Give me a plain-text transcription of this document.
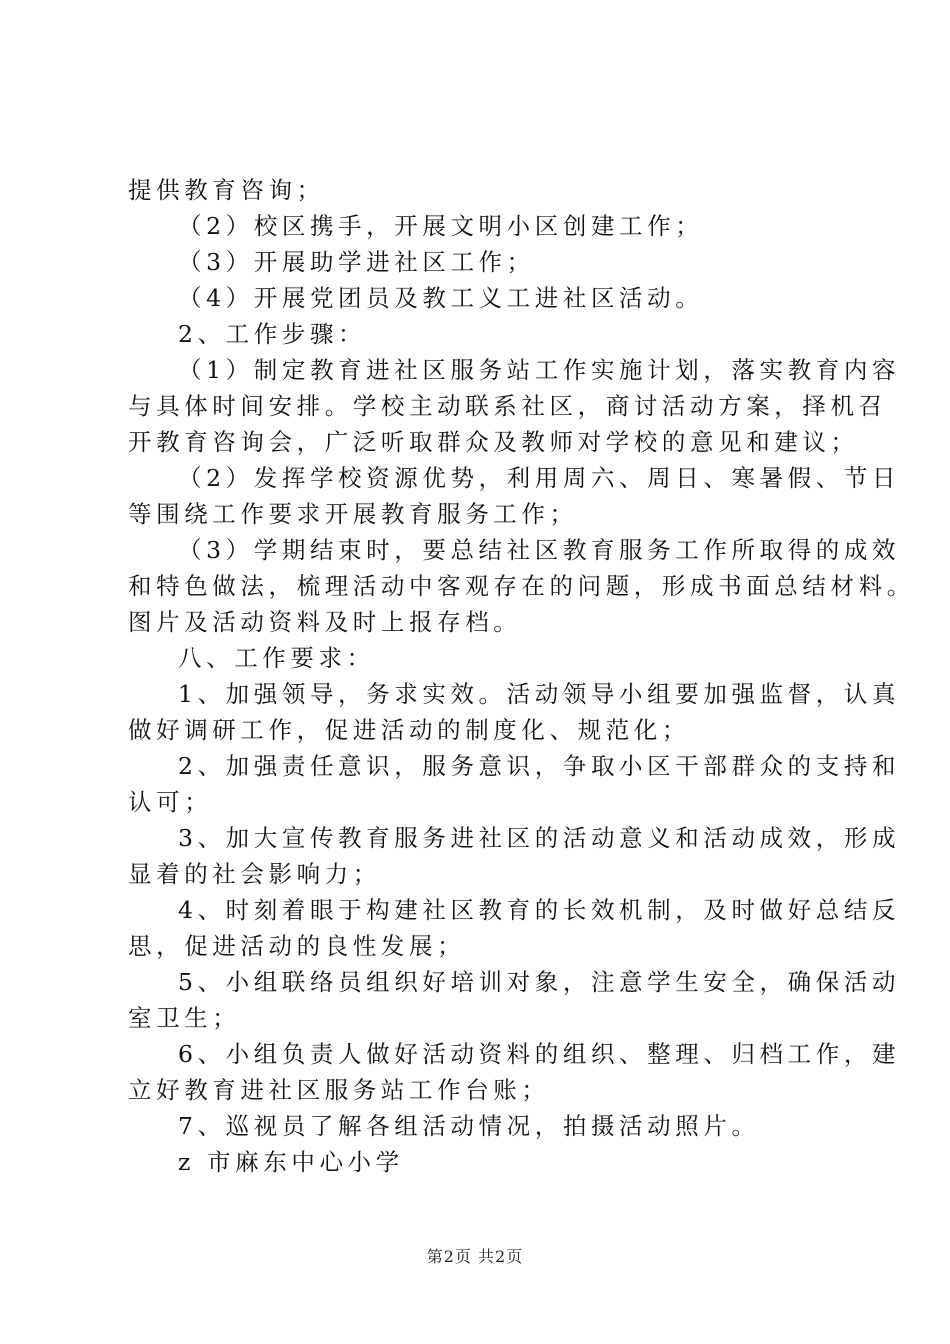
提供教育咨询；
（2）校区携手，开展文明小区创建工作；
（3）开展助学进社区工作；
（4）开展党团员及教工义工进社区活动。
2、工作步骤：
（1）制定教育进社区服务站工作实施计划，落实教育内容
与具体时间安排。学校主动联系社区，商讨活动方案，择机召
开教育咨询会，广泛听取群众及教师对学校的意见和建议；
（2）发挥学校资源优势，利用周六、周日、寒暑假、节日
等围绕工作要求开展教育服务工作；
（3）学期结束时，要总结社区教育服务工作所取得的成效
和特色做法，梳理活动中客观存在的问题，形成书面总结材料。
图片及活动资料及时上报存档。
八、工作要求：
1、加强领导，务求实效。活动领导小组要加强监督，认真
做好调研工作，促进活动的制度化、规范化；
2、加强责任意识，服务意识，争取小区干部群众的支持和
认可；
3、加大宣传教育服务进社区的活动意义和活动成效，形成
显着的社会影响力；
4、时刻着眼于构建社区教育的长效机制，及时做好总结反
思，促进活动的良性发展；
5、小组联络员组织好培训对象，注意学生安全，确保活动
室卫生；
6、小组负责人做好活动资料的组织、整理、归档工作，建
立好教育进社区服务站工作台账；
7、巡视员了解各组活动情况，拍摄活动照片。
z 市麻东中心小学
第2页 共2页
